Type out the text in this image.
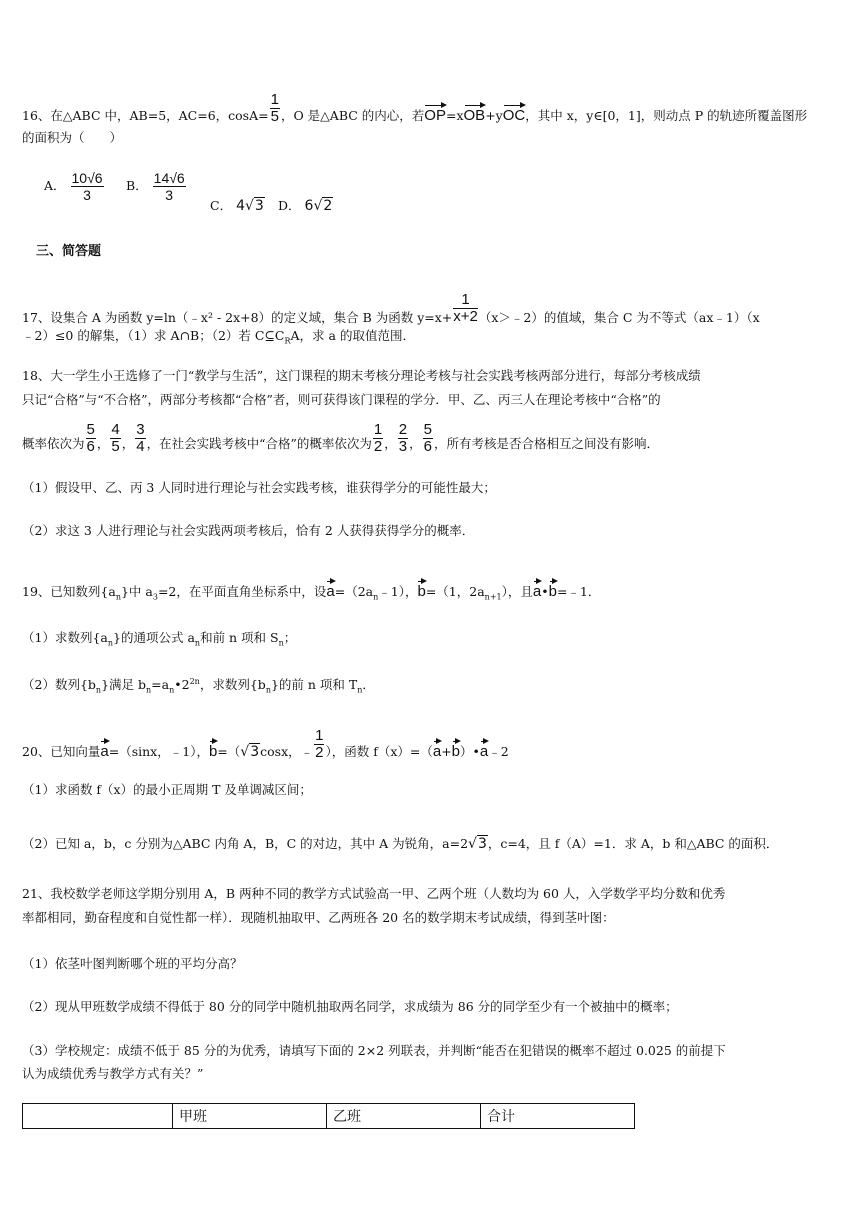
16、在△ABC 中，AB=5，AC=6，$\cos A= \frac{1}{5}$ ，O 是△ABC 的内心，若OP=xOB+yOC，其中 x，y∈[0，1]，则动点 P 的轨迹所覆盖图形
的面积为（　　）
A． $\frac{10√6}{3}$ B． $\frac{14√6}{3}$
C． 4√3 D． 6√2
三、简答题
17、设集合 A 为函数 y=ln（﹣x² - 2x+8）的定义域，集合 B 为函数 $y=x+ \frac{1}{x+2}$ （x＞﹣2）的值域，集合 C 为不等式（ax﹣1）（x
﹣2）≤0 的解集，（1）求 A∩B；（2）若 $C⊆C_RA$，求 a 的取值范围．
18、大一学生小王选修了一门“教学与生活”，这门课程的期末考核分理论考核与社会实践考核两部分进行，每部分考核成绩
只记“合格”与“不合格”，两部分考核都“合格”者，则可获得该门课程的学分．甲、乙、丙三人在理论考核中“合格”的
概率依次为 $\frac{5}{6}$ ， $\frac{4}{5}$ ， $\frac{3}{4}$ ，在社会实践考核中“合格”的概率依次为 $\frac{1}{2}$ ， $\frac{2}{3}$ ， $\frac{5}{6}$ ，所有考核是否合格相互之间没有影响．
（1）假设甲、乙、丙 3 人同时进行理论与社会实践考核，谁获得学分的可能性最大；
（2）求这 3 人进行理论与社会实践两项考核后，恰有 2 人获得获得学分的概率．
19、已知数列$\{a_n\}$中 $a_3=2$，在平面直角坐标系中，设$a=(2a_n﹣1)$，b=（1，$2a_{n+1}$），且a•b=﹣1．
（1）求数列$\{a_n\}$的通项公式 $a_n$和前 n 项和 $S_n$；
（2）数列$\{b_n\}$满足 $b_n=a_n•2^{2n}$，求数列$\{b_n\}$的前 n 项和 $T_n$．
20、已知向量a=（sinx，﹣1），b=（√3cosx，﹣ $\frac{1}{2}$ ），函数 f（x）=（a+b）•a﹣2
（1）求函数 f（x）的最小正周期 T 及单调减区间；
（2）已知 a，b，c 分别为△ABC 内角 A，B，C 的对边，其中 A 为锐角，a=2√3，c=4，且 f（A）=1．求 A，b 和△ABC 的面积．
21、我校数学老师这学期分别用 A，B 两种不同的教学方式试验高一甲、乙两个班（人数均为 60 人，入学数学平均分数和优秀
率都相同，勤奋程度和自觉性都一样）．现随机抽取甲、乙两班各 20 名的数学期末考试成绩，得到茎叶图：
（1）依茎叶图判断哪个班的平均分高？
（2）现从甲班数学成绩不得低于 80 分的同学中随机抽取两名同学，求成绩为 86 分的同学至少有一个被抽中的概率；
（3）学校规定：成绩不低于 85 分的为优秀，请填写下面的 2×2 列联表，并判断“能否在犯错误的概率不超过 0.025 的前提下
认为成绩优秀与教学方式有关？”
	甲班	乙班	合计
